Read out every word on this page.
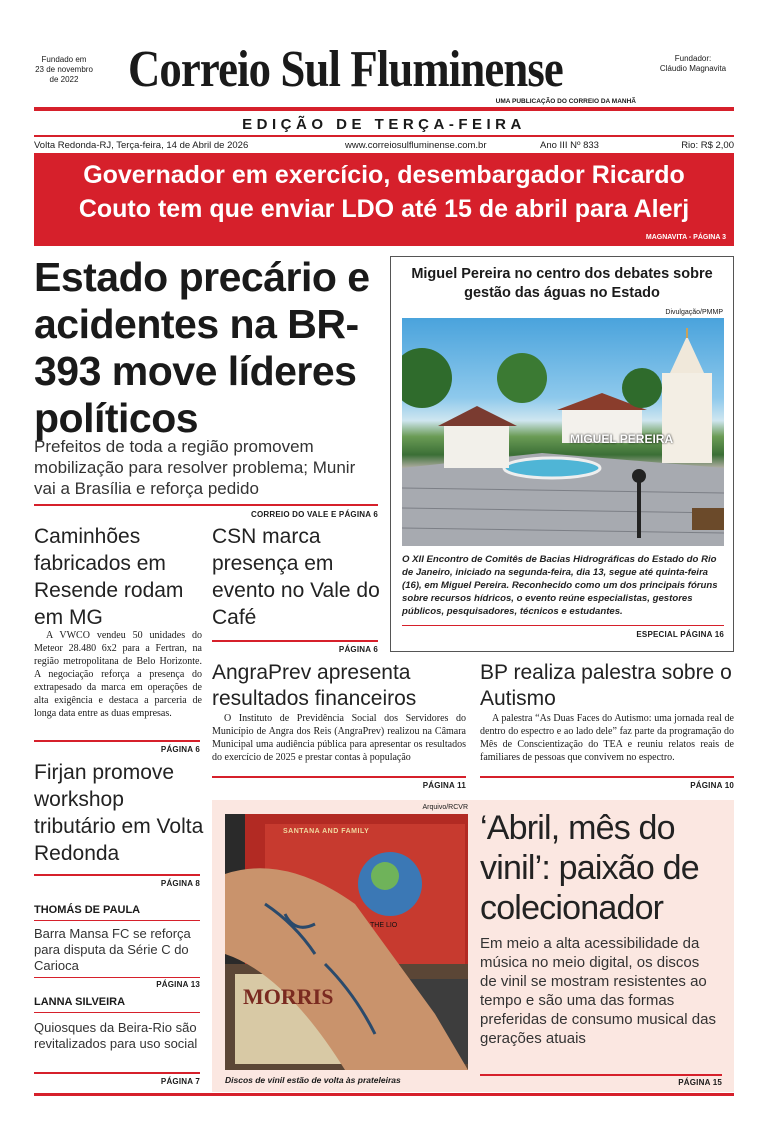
Fundado em
23 de novembro
de 2022 Correio Sul Fluminense	Fundador:
Cláudio Magnavita
UMA PUBLICAÇÃO DO CORREIO DA MANHÃ
EDIÇÃO DE TERÇA-FEIRA
Volta Redonda-RJ, Terça-feira, 14 de Abril de 2026	www.correiosulfluminense.com.br	Ano III Nº 833	Rio: R$ 2,00
Governador em exercício, desembargador Ricardo Couto tem que enviar LDO até 15 de abril para Alerj
MAGNAVITA - PÁGINA 3
Estado precário e acidentes na BR-393 move líderes políticos
Prefeitos de toda a região promovem mobilização para resolver problema; Munir vai a Brasília e reforça pedido
CORREIO DO VALE E PÁGINA 6
Miguel Pereira no centro dos debates sobre gestão das águas no Estado
Divulgação/PMMP
MIGUEL PEREIRA
O XII Encontro de Comitês de Bacias Hidrográficas do Estado do Rio de Janeiro, iniciado na segunda-feira, dia 13, segue até quinta-feira (16), em Miguel Pereira. Reconhecido como um dos principais fóruns sobre recursos hídricos, o evento reúne especialistas, gestores públicos, pesquisadores, técnicos e estudantes.
ESPECIAL PÁGINA 16
Caminhões fabricados em Resende rodam em MG
A VWCO vendeu 50 unidades do Meteor 28.480 6x2 para a Fertran, na região metropolitana de Belo Horizonte. A negociação reforça a presença do extrapesado da marca em operações de alta exigência e destaca a parceria de longa data entre as duas empresas.
PÁGINA 6
CSN marca presença em evento no Vale do Café
PÁGINA 6
AngraPrev apresenta resultados financeiros
O Instituto de Previdência Social dos Servidores do Município de Angra dos Reis (AngraPrev) realizou na Câmara Municipal uma audiência pública para apresentar os resultados do exercício de 2025 e prestar contas à população
PÁGINA 11
BP realiza palestra sobre o Autismo
A palestra “As Duas Faces do Autismo: uma jornada real de dentro do espectro e ao lado dele” faz parte da programação do Mês de Conscientização do TEA e reuniu relatos reais de familiares de pessoas que convivem no espectro.
PÁGINA 10
Firjan promove workshop tributário em Volta Redonda
PÁGINA 8
THOMÁS DE PAULA
Barra Mansa FC se reforça para disputa da Série C do Carioca
PÁGINA 13
LANNA SILVEIRA
Quiosques da Beira-Rio são revitalizados para uso social
PÁGINA 7
Arquivo/RCVR
SANTANA AND FAMILY
THE LIO
MORRIS
Discos de vinil estão de volta às prateleiras
‘Abril, mês do vinil’: paixão de colecionador
Em meio a alta acessibilidade da música no meio digital, os discos de vinil se mostram resistentes ao tempo e são uma das formas preferidas de consumo musical das gerações atuais
PÁGINA 15
